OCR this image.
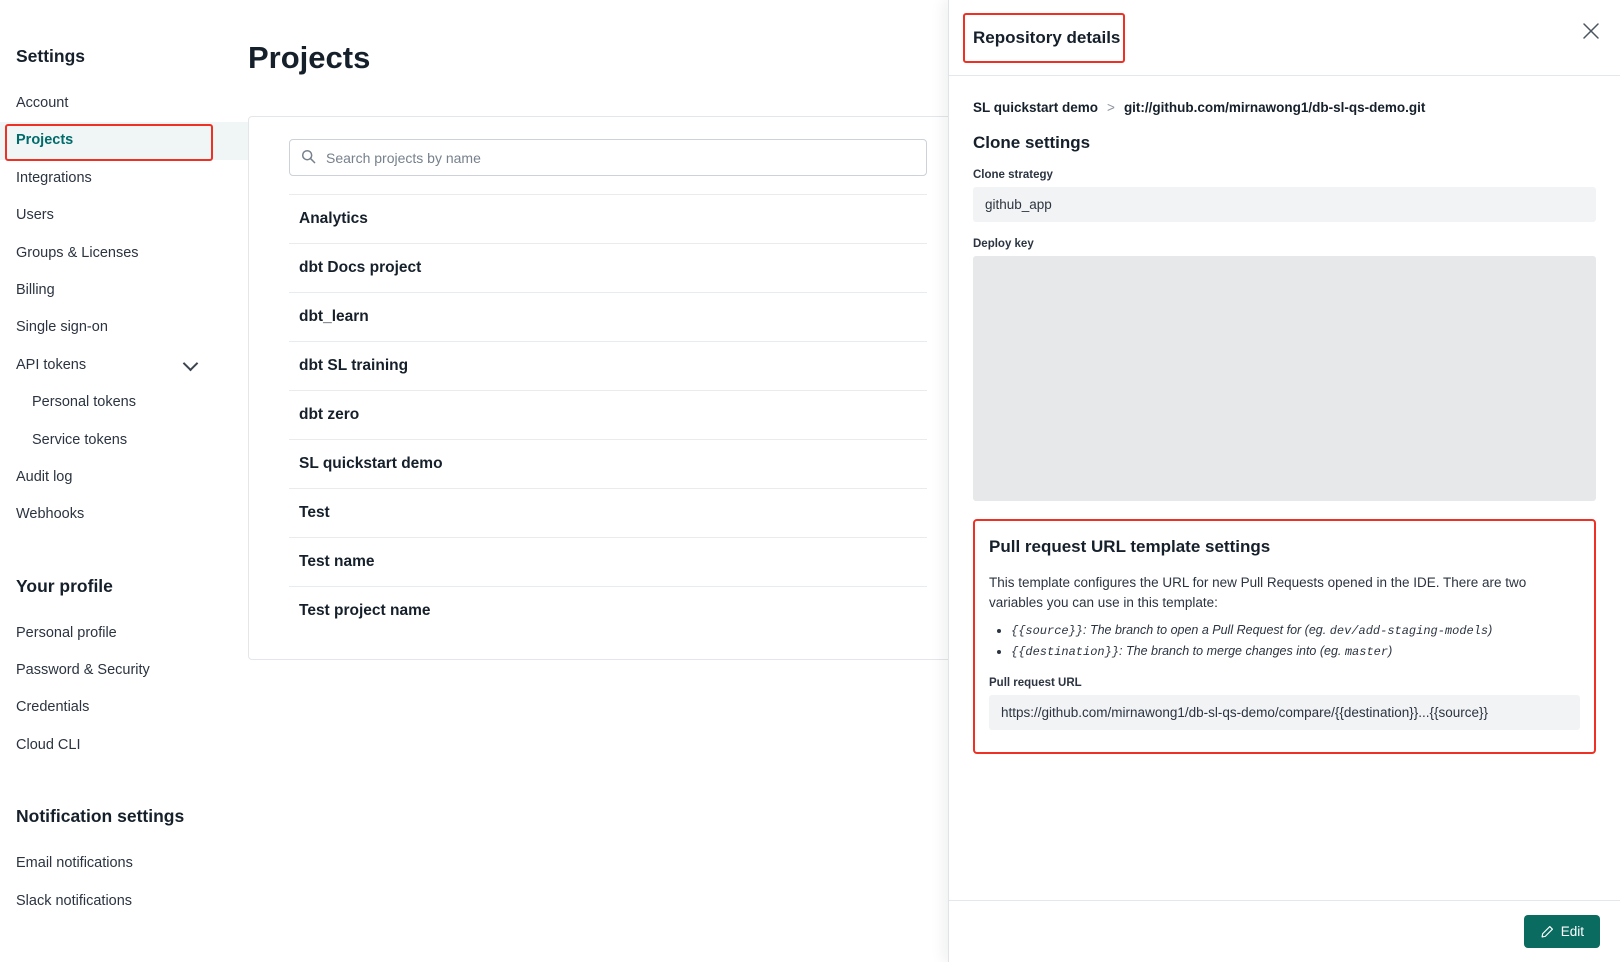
Settings
Account
Projects
Integrations
Users
Groups & Licenses
Billing
Single sign-on
API tokens
Personal tokens
Service tokens
Audit log
Webhooks
Your profile
Personal profile
Password & Security
Credentials
Cloud CLI
Notification settings
Email notifications
Slack notifications
Projects
Search projects by name
Analytics
dbt Docs project
dbt_learn
dbt SL training
dbt zero
SL quickstart demo
Test
Test name
Test project name
Repository details
SL quickstart demo > git://github.com/mirnawong1/db-sl-qs-demo.git
Clone settings
Clone strategy
github_app
Deploy key
Pull request URL template settings

This template configures the URL for new Pull Requests opened in the IDE. There are two variables you can use in this template:

• {{source}}: The branch to open a Pull Request for (eg. dev/add-staging-models)
• {{destination}}: The branch to merge changes into (eg. master)
Pull request URL
https://github.com/mirnawong1/db-sl-qs-demo/compare/{{destination}}...{{source}}
Edit
